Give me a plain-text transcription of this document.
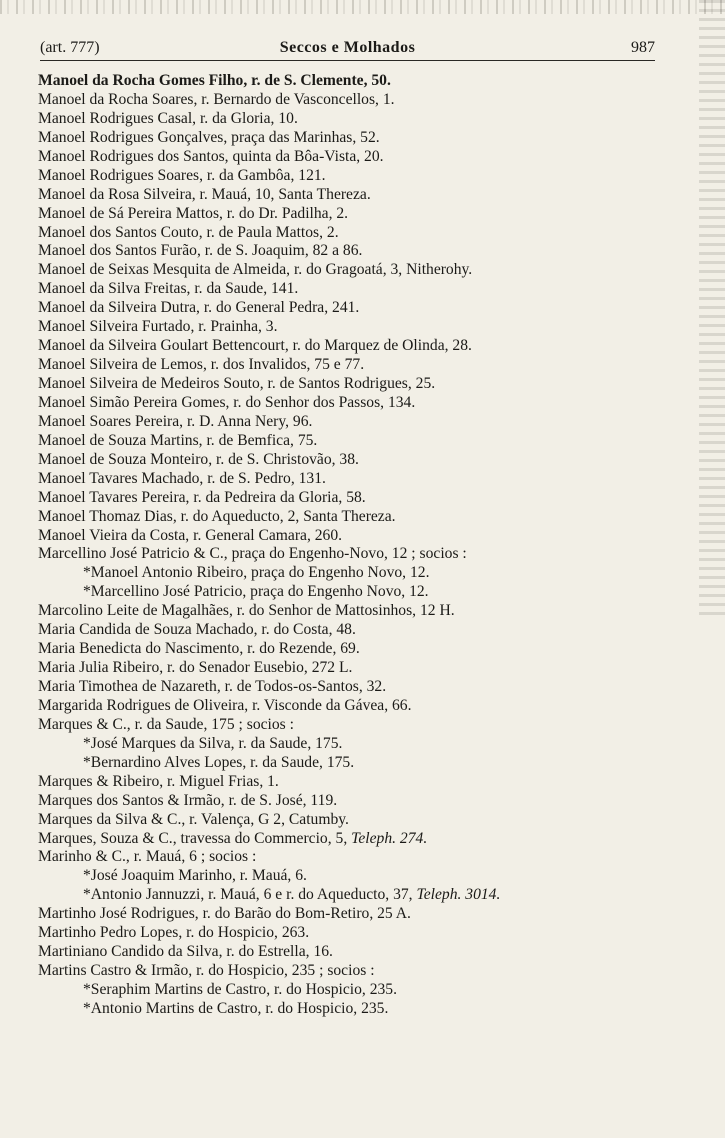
(art. 777)	Seccos e Molhados	987
Manoel da Rocha Gomes Filho, r. de S. Clemente, 50.
Manoel da Rocha Soares, r. Bernardo de Vasconcellos, 1.
Manoel Rodrigues Casal, r. da Gloria, 10.
Manoel Rodrigues Gonçalves, praça das Marinhas, 52.
Manoel Rodrigues dos Santos, quinta da Bôa-Vista, 20.
Manoel Rodrigues Soares, r. da Gambôa, 121.
Manoel da Rosa Silveira, r. Mauá, 10, Santa Thereza.
Manoel de Sá Pereira Mattos, r. do Dr. Padilha, 2.
Manoel dos Santos Couto, r. de Paula Mattos, 2.
Manoel dos Santos Furão, r. de S. Joaquim, 82 a 86.
Manoel de Seixas Mesquita de Almeida, r. do Gragoatá, 3, Nitherohy.
Manoel da Silva Freitas, r. da Saude, 141.
Manoel da Silveira Dutra, r. do General Pedra, 241.
Manoel Silveira Furtado, r. Prainha, 3.
Manoel da Silveira Goulart Bettencourt, r. do Marquez de Olinda, 28.
Manoel Silveira de Lemos, r. dos Invalidos, 75 e 77.
Manoel Silveira de Medeiros Souto, r. de Santos Rodrigues, 25.
Manoel Simão Pereira Gomes, r. do Senhor dos Passos, 134.
Manoel Soares Pereira, r. D. Anna Nery, 96.
Manoel de Souza Martins, r. de Bemfica, 75.
Manoel de Souza Monteiro, r. de S. Christovão, 38.
Manoel Tavares Machado, r. de S. Pedro, 131.
Manoel Tavares Pereira, r. da Pedreira da Gloria, 58.
Manoel Thomaz Dias, r. do Aqueducto, 2, Santa Thereza.
Manoel Vieira da Costa, r. General Camara, 260.
Marcellino José Patricio & C., praça do Engenho-Novo, 12 ; socios :
*Manoel Antonio Ribeiro, praça do Engenho Novo, 12.
*Marcellino José Patricio, praça do Engenho Novo, 12.
Marcolino Leite de Magalhães, r. do Senhor de Mattosinhos, 12 H.
Maria Candida de Souza Machado, r. do Costa, 48.
Maria Benedicta do Nascimento, r. do Rezende, 69.
Maria Julia Ribeiro, r. do Senador Eusebio, 272 L.
Maria Timothea de Nazareth, r. de Todos-os-Santos, 32.
Margarida Rodrigues de Oliveira, r. Visconde da Gávea, 66.
Marques & C., r. da Saude, 175 ; socios :
*José Marques da Silva, r. da Saude, 175.
*Bernardino Alves Lopes, r. da Saude, 175.
Marques & Ribeiro, r. Miguel Frias, 1.
Marques dos Santos & Irmão, r. de S. José, 119.
Marques da Silva & C., r. Valença, G 2, Catumby.
Marques, Souza & C., travessa do Commercio, 5, Teleph. 274.
Marinho & C., r. Mauá, 6 ; socios :
*José Joaquim Marinho, r. Mauá, 6.
*Antonio Jannuzzi, r. Mauá, 6 e r. do Aqueducto, 37, Teleph. 3014.
Martinho José Rodrigues, r. do Barão do Bom-Retiro, 25 A.
Martinho Pedro Lopes, r. do Hospicio, 263.
Martiniano Candido da Silva, r. do Estrella, 16.
Martins Castro & Irmão, r. do Hospicio, 235 ; socios :
*Seraphim Martins de Castro, r. do Hospicio, 235.
*Antonio Martins de Castro, r. do Hospicio, 235.
